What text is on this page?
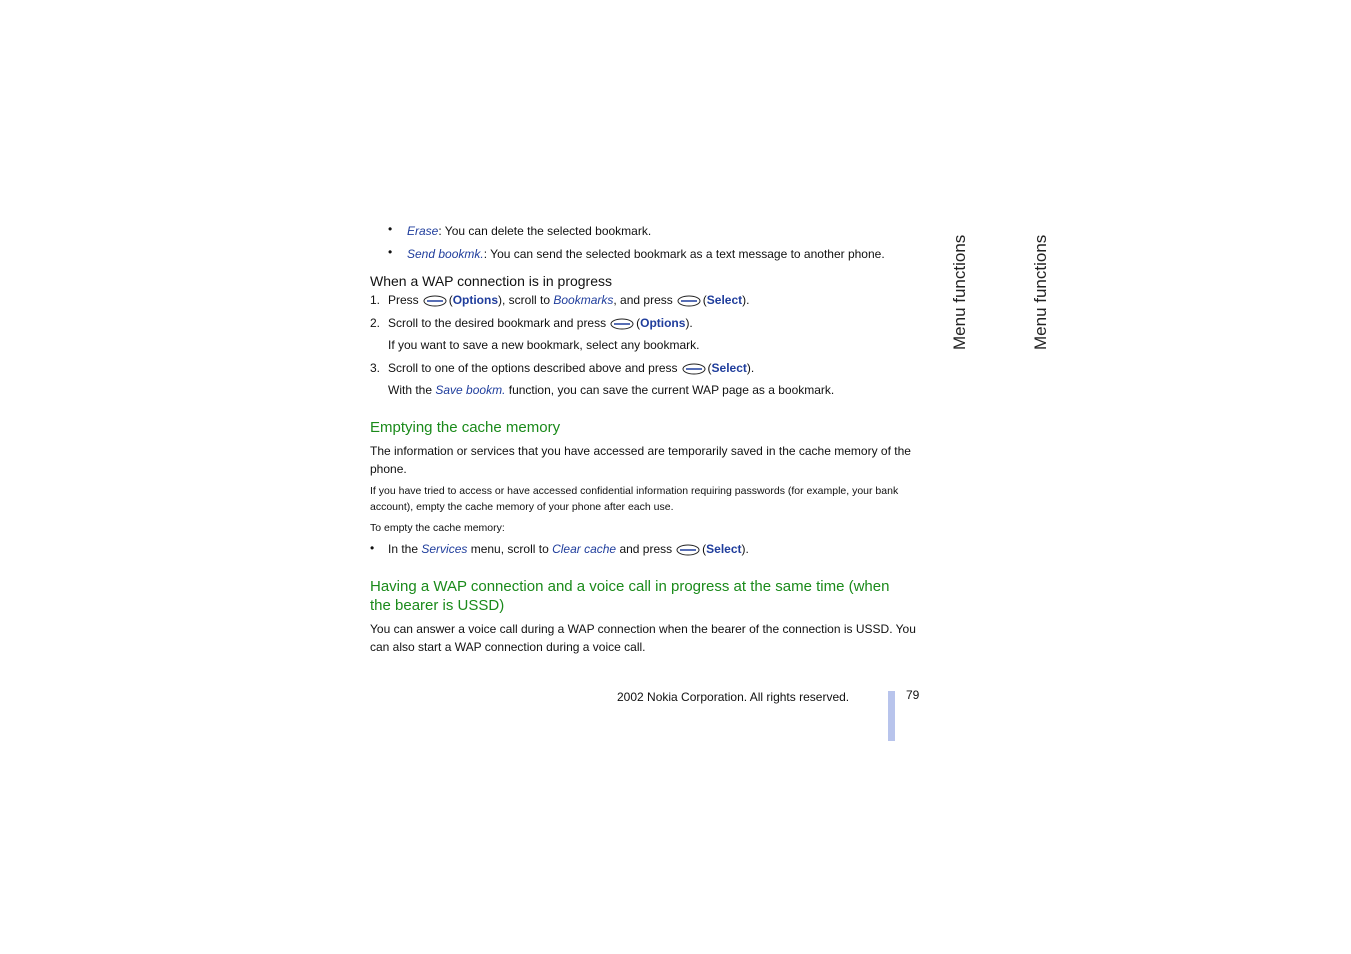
• Erase: You can delete the selected bookmark.
• Send bookmk.: You can send the selected bookmark as a text message to another phone.
When a WAP connection is in progress
1. Press	(Options), scroll to Bookmarks, and press	(Select).
2. Scroll to the desired bookmark and press	(Options).
If you want to save a new bookmark, select any bookmark.
3. Scroll to one of the options described above and press	(Select).
With the Save bookm. function, you can save the current WAP page as a bookmark.
Emptying the cache memory
The information or services that you have accessed are temporarily saved in the cache memory of the
phone.
If you have tried to access or have accessed confidential information requiring passwords (for example, your bank
account), empty the cache memory of your phone after each use.
To empty the cache memory:
• In the Services menu, scroll to Clear cache and press	(Select).
Having a WAP connection and a voice call in progress at the same time (when
the bearer is USSD)
You can answer a voice call during a WAP connection when the bearer of the connection is USSD. You
can also start a WAP connection during a voice call.
2002 Nokia Corporation. All rights reserved.	79
Menu functions	Menu functions
